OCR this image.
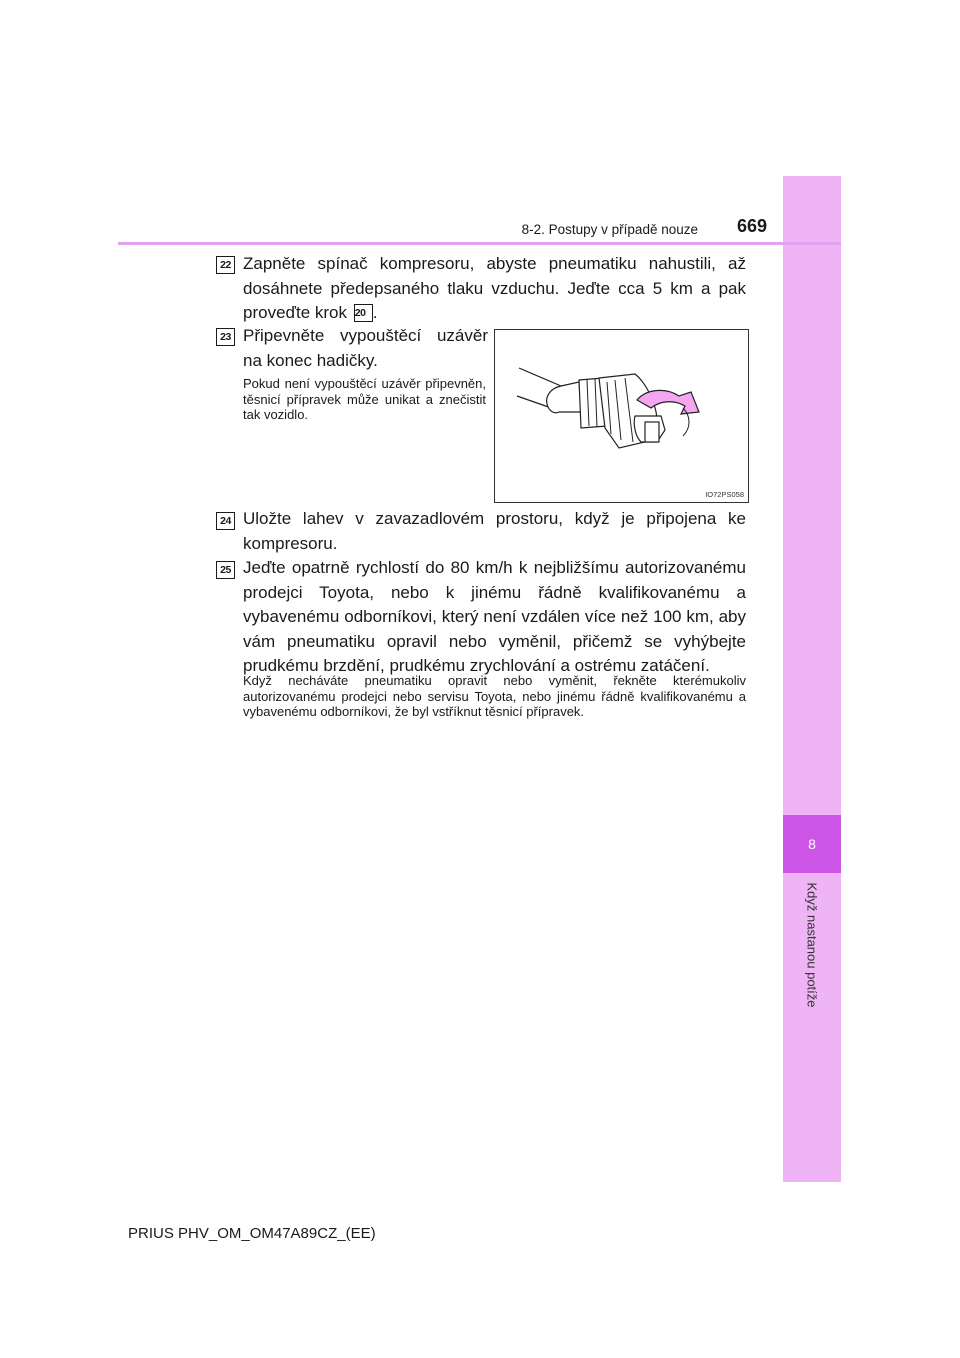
8
Když nastanou potíže
8-2. Postupy v případě nouze 669
22 Zapněte spínač kompresoru, abyste pneumatiku nahustili, až dosáhnete předepsaného tlaku vzduchu. Jeďte cca 5 km a pak proveďte krok 20 .
23 Připevněte vypouštěcí uzávěr na konec hadičky.
Pokud není vypouštěcí uzávěr připevněn, těsnicí přípravek může unikat a znečistit tak vozidlo.
IO72PS058
24 Uložte lahev v zavazadlovém prostoru, když je připojena ke kompresoru.
25 Jeďte opatrně rychlostí do 80 km/h k nejbližšímu autorizovanému prodejci Toyota, nebo k jinému řádně kvalifikovanému a vybavenému odborníkovi, který není vzdálen více než 100 km, aby vám pneumatiku opravil nebo vyměnil, přičemž se vyhýbejte prudkému brzdění, prudkému zrychlování a ostrému zatáčení.
Když necháváte pneumatiku opravit nebo vyměnit, řekněte kterémukoliv autorizovanému prodejci nebo servisu Toyota, nebo jinému řádně kvalifikovanému a vybavenému odborníkovi, že byl vstříknut těsnicí přípravek.
PRIUS PHV_OM_OM47A89CZ_(EE)
